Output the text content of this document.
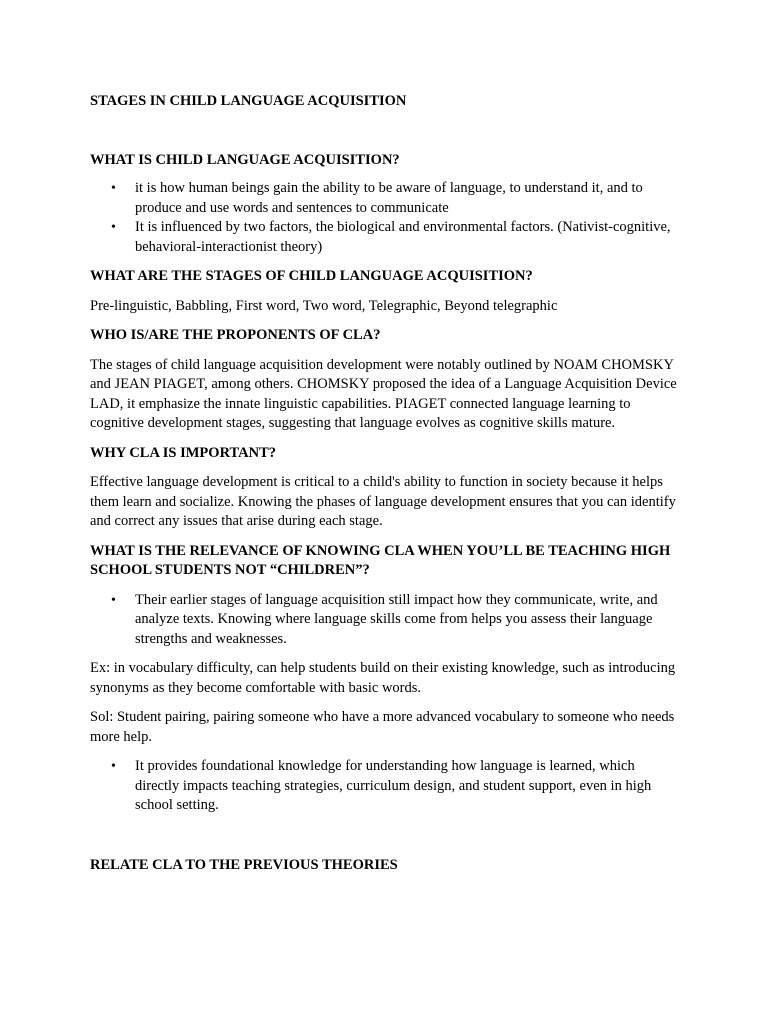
STAGES IN CHILD LANGUAGE ACQUISITION
WHAT IS CHILD LANGUAGE ACQUISITION?
• it is how human beings gain the ability to be aware of language, to understand it, and to produce and use words and sentences to communicate
• It is influenced by two factors, the biological and environmental factors. (Nativist-cognitive, behavioral-interactionist theory)
WHAT ARE THE STAGES OF CHILD LANGUAGE ACQUISITION?

Pre-linguistic, Babbling, First word, Two word, Telegraphic, Beyond telegraphic

WHO IS/ARE THE PROPONENTS OF CLA?

The stages of child language acquisition development were notably outlined by NOAM CHOMSKY and JEAN PIAGET, among others. CHOMSKY proposed the idea of a Language Acquisition Device LAD, it emphasize the innate linguistic capabilities. PIAGET connected language learning to cognitive development stages, suggesting that language evolves as cognitive skills mature.

WHY CLA IS IMPORTANT?

Effective language development is critical to a child's ability to function in society because it helps them learn and socialize. Knowing the phases of language development ensures that you can identify and correct any issues that arise during each stage.

WHAT IS THE RELEVANCE OF KNOWING CLA WHEN YOU’LL BE TEACHING HIGH SCHOOL STUDENTS NOT “CHILDREN”?
• Their earlier stages of language acquisition still impact how they communicate, write, and analyze texts. Knowing where language skills come from helps you assess their language strengths and weaknesses.

Ex: in vocabulary difficulty, can help students build on their existing knowledge, such as introducing synonyms as they become comfortable with basic words.

Sol: Student pairing, pairing someone who have a more advanced vocabulary to someone who needs more help.

• It provides foundational knowledge for understanding how language is learned, which directly impacts teaching strategies, curriculum design, and student support, even in high school setting.
RELATE CLA TO THE PREVIOUS THEORIES
